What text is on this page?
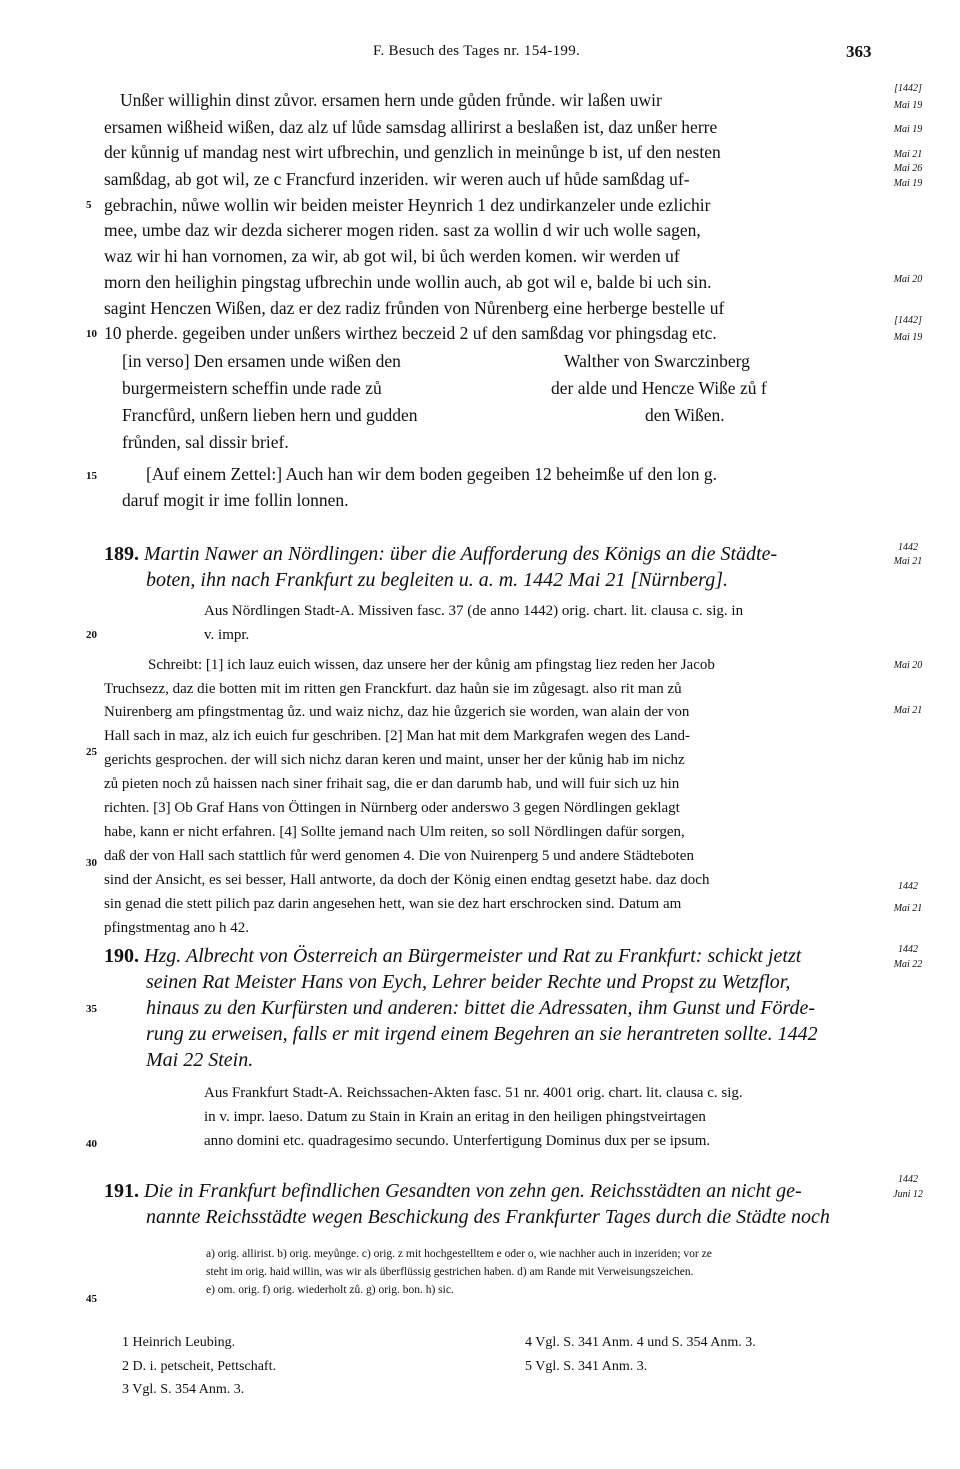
F. Besuch des Tages nr. 154-199.	363
Unßer willighin dinst zůvor. ersamen hern unde gůden frůnde. wir laßen uwir
ersamen wißheid wißen, daz alz uf lůde samsdag allirirst a beslaßen ist, daz unßer herre
der kůnnig uf mandag nest wirt ufbrechin, und genzlich in meinůnge b ist, uf den nesten
samßdag, ab got wil, ze c Francfurd inzeriden. wir weren auch uf hůde samßdag uf-
gebrachin, nůwe wollin wir beiden meister Heynrich 1 dez undirkanzeler unde ezlichir
mee, umbe daz wir dezda sicherer mogen riden. sast za wollin d wir uch wolle sagen,
waz wir hi han vornomen, za wir, ab got wil, bi ůch werden komen. wir werden uf
morn den heilighin pingstag ufbrechin unde wollin auch, ab got wil e, balde bi uch sin.
sagint Henczen Wißen, daz er dez radiz frůnden von Nůrenberg eine herberge bestelle uf
10 pherde. gegeiben under unßers wirthez beczeid 2 uf den samßdag vor phingsdag etc.
[in verso] Den ersamen unde wißen den
burgermeistern scheffin unde rade zů
Francfůrd, unßern lieben hern und gudden
frůnden, sal dissir brief.
Walther von Swarczinberg
der alde und Hencze Wiße zů f
den Wißen.
[Auf einem Zettel:] Auch han wir dem boden gegeiben 12 beheimße uf den lon g.
daruf mogit ir ime follin lonnen.
5
10
15
20
25
30
35
40
45
[1442]
Mai 19
Mai 19
Mai 21
Mai 26
Mai 19
Mai 20
[1442]
Mai 19
1442
Mai 21
Mai 20
Mai 21
1442
Mai 21
1442
Mai 22
1442
Juni 12
189. Martin Nawer an Nördlingen: über die Aufforderung des Königs an die Städte-
boten, ihn nach Frankfurt zu begleiten u. a. m. 1442 Mai 21 [Nürnberg].
Aus Nördlingen Stadt-A. Missiven fasc. 37 (de anno 1442) orig. chart. lit. clausa c. sig. in
v. impr.
Schreibt: [1] ich lauz euich wissen, daz unsere her der kůnig am pfingstag liez reden her Jacob
Truchsezz, daz die botten mit im ritten gen Franckfurt. daz haůn sie im zůgesagt. also rit man zů
Nuirenberg am pfingstmentag ůz. und waiz nichz, daz hie ůzgerich sie worden, wan alain der von
Hall sach in maz, alz ich euich fur geschriben. [2] Man hat mit dem Markgrafen wegen des Land-
gerichts gesprochen. der will sich nichz daran keren und maint, unser her der kůnig hab im nichz
zů pieten noch zů haissen nach siner frihait sag, die er dan darumb hab, und will fuir sich uz hin
richten. [3] Ob Graf Hans von Öttingen in Nürnberg oder anderswo 3 gegen Nördlingen geklagt
habe, kann er nicht erfahren. [4] Sollte jemand nach Ulm reiten, so soll Nördlingen dafür sorgen,
daß der von Hall sach stattlich fůr werd genomen 4. Die von Nuirenperg 5 und andere Städteboten
sind der Ansicht, es sei besser, Hall antworte, da doch der König einen endtag gesetzt habe. daz doch
sin genad die stett pilich paz darin angesehen hett, wan sie dez hart erschrocken sind. Datum am
pfingstmentag ano h 42.
190. Hzg. Albrecht von Österreich an Bürgermeister und Rat zu Frankfurt: schickt jetzt
seinen Rat Meister Hans von Eych, Lehrer beider Rechte und Propst zu Wetzflor,
hinaus zu den Kurfürsten und anderen: bittet die Adressaten, ihm Gunst und Förde-
rung zu erweisen, falls er mit irgend einem Begehren an sie herantreten sollte. 1442
Mai 22 Stein.
Aus Frankfurt Stadt-A. Reichssachen-Akten fasc. 51 nr. 4001 orig. chart. lit. clausa c. sig.
in v. impr. laeso. Datum zu Stain in Krain an eritag in den heiligen phingstveirtagen
anno domini etc. quadragesimo secundo. Unterfertigung Dominus dux per se ipsum.
191. Die in Frankfurt befindlichen Gesandten von zehn gen. Reichsstädten an nicht ge-
nannte Reichsstädte wegen Beschickung des Frankfurter Tages durch die Städte noch
a) orig. allirist. b) orig. meyůnge. c) orig. z mit hochgestelltem e oder o, wie nachher auch in inzeriden; vor ze
steht im orig. haid willin, was wir als überflüssig gestrichen haben. d) am Rande mit Verweisungszeichen.
e) om. orig. f) orig. wiederholt zů. g) orig. bon. h) sic.
1 Heinrich Leubing.
2 D. i. petscheit, Pettschaft.
3 Vgl. S. 354 Anm. 3.
4 Vgl. S. 341 Anm. 4 und S. 354 Anm. 3.
5 Vgl. S. 341 Anm. 3.
